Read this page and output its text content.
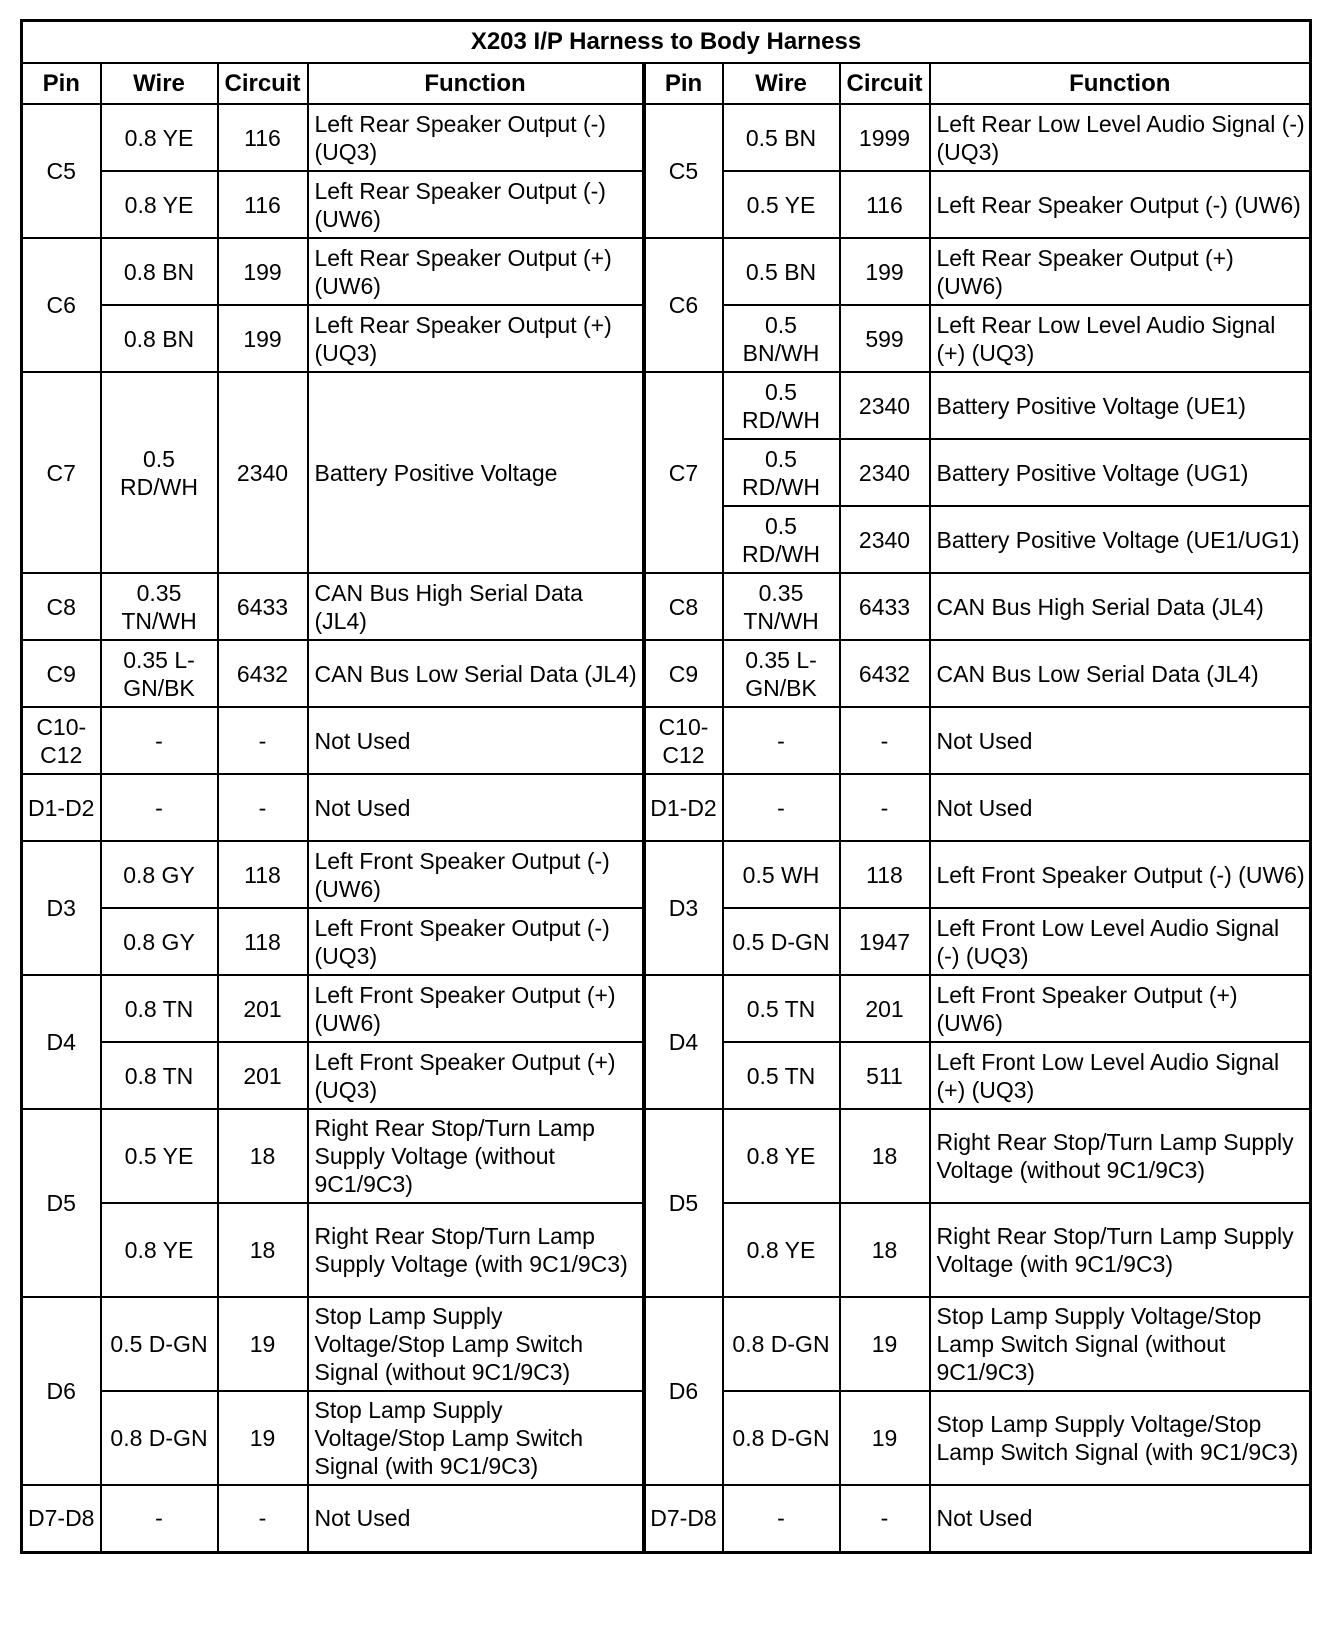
X203 I/P Harness to Body Harness							
Pin	Wire	Circuit	Function	Pin	Wire	Circuit	Function
C5	0.8 YE	116	Left Rear Speaker Output (-) (UQ3)	C5	0.5 BN	1999	Left Rear Low Level Audio Signal (-) (UQ3)
	0.8 YE	116	Left Rear Speaker Output (-) (UW6)		0.5 YE	116	Left Rear Speaker Output (-) (UW6)
C6	0.8 BN	199	Left Rear Speaker Output (+) (UW6)	C6	0.5 BN	199	Left Rear Speaker Output (+) (UW6)
	0.8 BN	199	Left Rear Speaker Output (+) (UQ3)		0.5 BN/WH	599	Left Rear Low Level Audio Signal (+) (UQ3)
C7	0.5 RD/WH	2340	Battery Positive Voltage	C7	0.5 RD/WH	2340	Battery Positive Voltage (UE1)
					0.5 RD/WH	2340	Battery Positive Voltage (UG1)
					0.5 RD/WH	2340	Battery Positive Voltage (UE1/UG1)
C8	0.35 TN/WH	6433	CAN Bus High Serial Data (JL4)	C8	0.35 TN/WH	6433	CAN Bus High Serial Data (JL4)
C9	0.35 L-GN/BK	6432	CAN Bus Low Serial Data (JL4)	C9	0.35 L-GN/BK	6432	CAN Bus Low Serial Data (JL4)
C10-C12	-	-	Not Used	C10-C12	-	-	Not Used
D1-D2	-	-	Not Used	D1-D2	-	-	Not Used
D3	0.8 GY	118	Left Front Speaker Output (-) (UW6)	D3	0.5 WH	118	Left Front Speaker Output (-) (UW6)
	0.8 GY	118	Left Front Speaker Output (-) (UQ3)		0.5 D-GN	1947	Left Front Low Level Audio Signal (-) (UQ3)
D4	0.8 TN	201	Left Front Speaker Output (+) (UW6)	D4	0.5 TN	201	Left Front Speaker Output (+) (UW6)
	0.8 TN	201	Left Front Speaker Output (+) (UQ3)		0.5 TN	511	Left Front Low Level Audio Signal (+) (UQ3)
D5	0.5 YE	18	Right Rear Stop/Turn Lamp Supply Voltage (without 9C1/9C3)	D5	0.8 YE	18	Right Rear Stop/Turn Lamp Supply Voltage (without 9C1/9C3)
	0.8 YE	18	Right Rear Stop/Turn Lamp Supply Voltage (with 9C1/9C3)		0.8 YE	18	Right Rear Stop/Turn Lamp Supply Voltage (with 9C1/9C3)
D6	0.5 D-GN	19	Stop Lamp Supply Voltage/Stop Lamp Switch Signal (without 9C1/9C3)	D6	0.8 D-GN	19	Stop Lamp Supply Voltage/Stop Lamp Switch Signal (without 9C1/9C3)
	0.8 D-GN	19	Stop Lamp Supply Voltage/Stop Lamp Switch Signal (with 9C1/9C3)		0.8 D-GN	19	Stop Lamp Supply Voltage/Stop Lamp Switch Signal (with 9C1/9C3)
D7-D8	-	-	Not Used	D7-D8	-	-	Not Used
